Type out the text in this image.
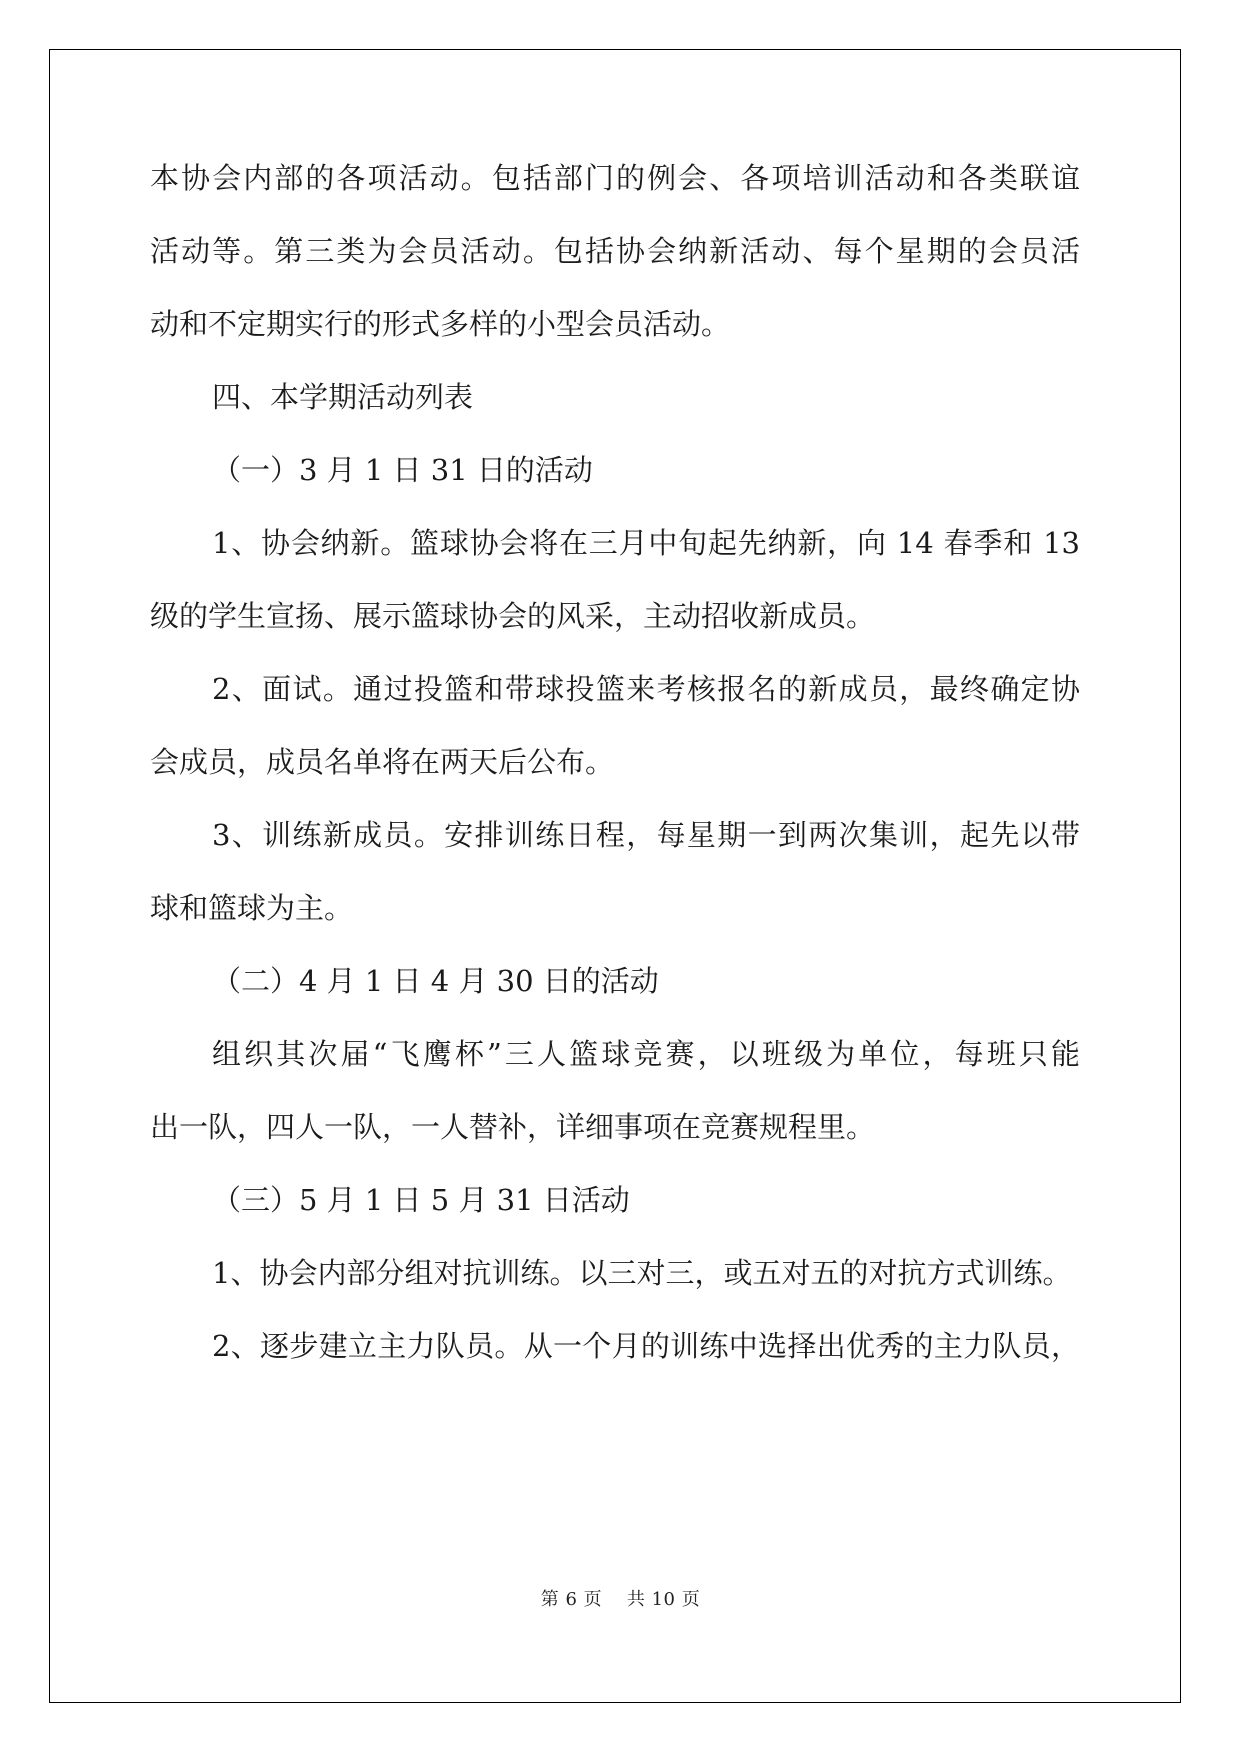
本协会内部的各项活动。包括部门的例会、各项培训活动和各类联谊
活动等。第三类为会员活动。包括协会纳新活动、每个星期的会员活
动和不定期实行的形式多样的小型会员活动。
四、本学期活动列表
（一）3 月 1 日 31 日的活动
1、协会纳新。篮球协会将在三月中旬起先纳新，向 14 春季和 13
级的学生宣扬、展示篮球协会的风采，主动招收新成员。
2、面试。通过投篮和带球投篮来考核报名的新成员，最终确定协
会成员，成员名单将在两天后公布。
3、训练新成员。安排训练日程，每星期一到两次集训，起先以带
球和篮球为主。
（二）4 月 1 日 4 月 30 日的活动
组织其次届“飞鹰杯”三人篮球竞赛，以班级为单位，每班只能
出一队，四人一队，一人替补，详细事项在竞赛规程里。
（三）5 月 1 日 5 月 31 日活动
1、协会内部分组对抗训练。以三对三，或五对五的对抗方式训练。
2、逐步建立主力队员。从一个月的训练中选择出优秀的主力队员，
第 6 页　 共 10 页
